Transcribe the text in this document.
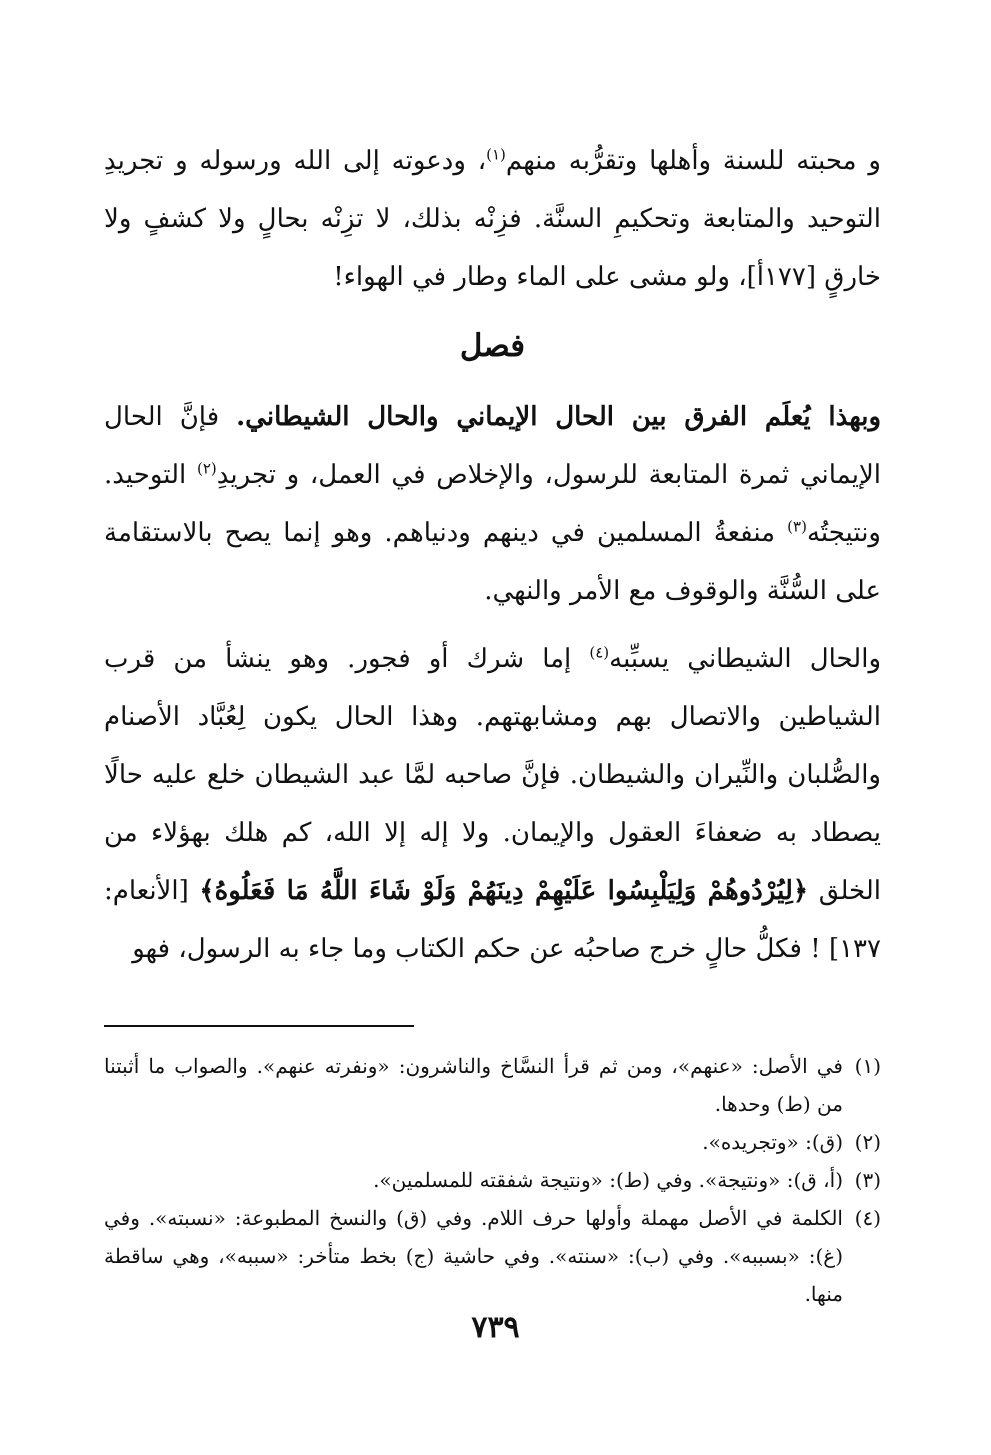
و محبته للسنة وأهلها وتقرُّبه منهم$^{(١)}$، ودعوته إلى الله ورسوله و تجريدِ التوحيد والمتابعة وتحكيمِ السنَّة. فزِنْه بذلك، لا تزِنْه بحالٍ ولا كشفٍ ولا خارقٍ [١٧٧أ]، ولو مشى على الماء وطار في الهواء!

فصل

وبهذا يُعلَم الفرق بين الحال الإيماني والحال الشيطاني. فإنَّ الحال الإيماني ثمرة المتابعة للرسول، والإخلاص في العمل، و تجريدِ$^{(٢)}$ التوحيد. ونتيجتُه$^{(٣)}$ منفعةُ المسلمين في دينهم ودنياهم. وهو إنما يصح بالاستقامة على السُّنَّة والوقوف مع الأمر والنهي.

والحال الشيطاني يسبِّبه$^{(٤)}$ إما شرك أو فجور. وهو ينشأ من قرب الشياطين والاتصال بهم ومشابهتهم. وهذا الحال يكون لِعُبَّاد الأصنام والصُّلبان والنِّيران والشيطان. فإنَّ صاحبه لمَّا عبد الشيطان خلع عليه حالًا يصطاد به ضعفاءَ العقول والإيمان. ولا إله إلا الله، كم هلك بهؤلاء من الخلق ﴿لِيُرْدُوهُمْ وَلِيَلْبِسُوا عَلَيْهِمْ دِينَهُمْ وَلَوْ شَاءَ اللَّهُ مَا فَعَلُوهُ﴾ [الأنعام: ١٣٧] ! فكلُّ حالٍ خرج صاحبُه عن حكم الكتاب وما جاء به الرسول، فهو

(١)
في الأصل: «عنهم»، ومن ثم قرأ النسَّاخ والناشرون: «ونفرته عنهم». والصواب ما أثبتنا من (ط) وحدها.
(٢)
(ق): «وتجريده».
(٣)
(أ، ق): «ونتيجة». وفي (ط): «ونتيجة شفقته للمسلمين».
(٤)
الكلمة في الأصل مهملة وأولها حرف اللام. وفي (ق) والنسخ المطبوعة: «نسبته». وفي (غ): «بسببه». وفي (ب): «سنته». وفي حاشية (ج) بخط متأخر: «سببه»، وهي ساقطة منها.
٧٣٩
